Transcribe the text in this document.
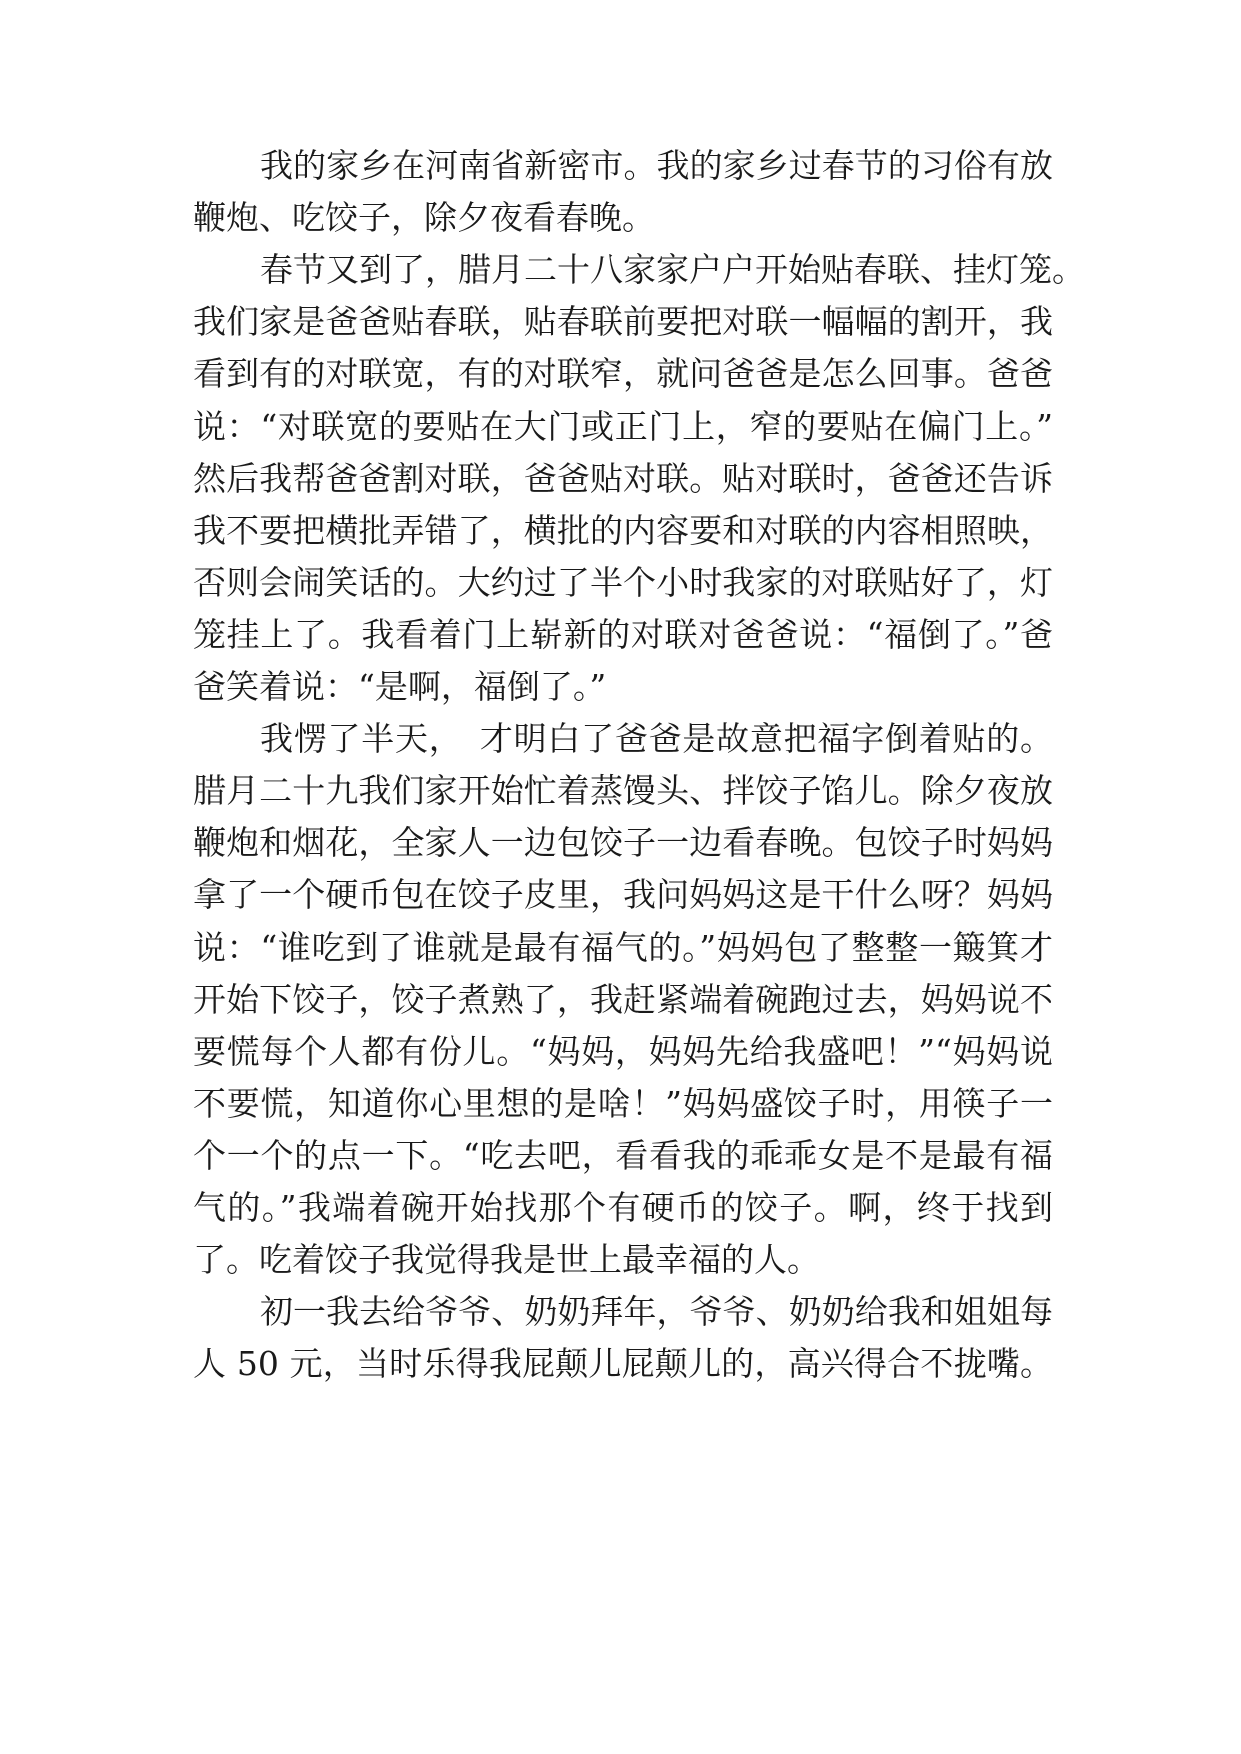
我的家乡在河南省新密市。我的家乡过春节的习俗有放
鞭炮、吃饺子，除夕夜看春晚。
春节又到了，腊月二十八家家户户开始贴春联、挂灯笼。
我们家是爸爸贴春联，贴春联前要把对联一幅幅的割开，我
看到有的对联宽，有的对联窄，就问爸爸是怎么回事。爸爸
说：“对联宽的要贴在大门或正门上，窄的要贴在偏门上。”
然后我帮爸爸割对联，爸爸贴对联。贴对联时，爸爸还告诉
我不要把横批弄错了，横批的内容要和对联的内容相照映，
否则会闹笑话的。大约过了半个小时我家的对联贴好了，灯
笼挂上了。我看着门上崭新的对联对爸爸说：“福倒了。”爸
爸笑着说：“是啊，福倒了。”
我愣了半天，　才明白了爸爸是故意把福字倒着贴的。
腊月二十九我们家开始忙着蒸馒头、拌饺子馅儿。除夕夜放
鞭炮和烟花，全家人一边包饺子一边看春晚。包饺子时妈妈
拿了一个硬币包在饺子皮里，我问妈妈这是干什么呀？妈妈
说：“谁吃到了谁就是最有福气的。”妈妈包了整整一簸箕才
开始下饺子，饺子煮熟了，我赶紧端着碗跑过去，妈妈说不
要慌每个人都有份儿。“妈妈，妈妈先给我盛吧！”“妈妈说
不要慌，知道你心里想的是啥！”妈妈盛饺子时，用筷子一
个一个的点一下。“吃去吧，看看我的乖乖女是不是最有福
气的。”我端着碗开始找那个有硬币的饺子。啊，终于找到
了。吃着饺子我觉得我是世上最幸福的人。
初一我去给爷爷、奶奶拜年，爷爷、奶奶给我和姐姐每
人 50 元，当时乐得我屁颠儿屁颠儿的，高兴得合不拢嘴。
